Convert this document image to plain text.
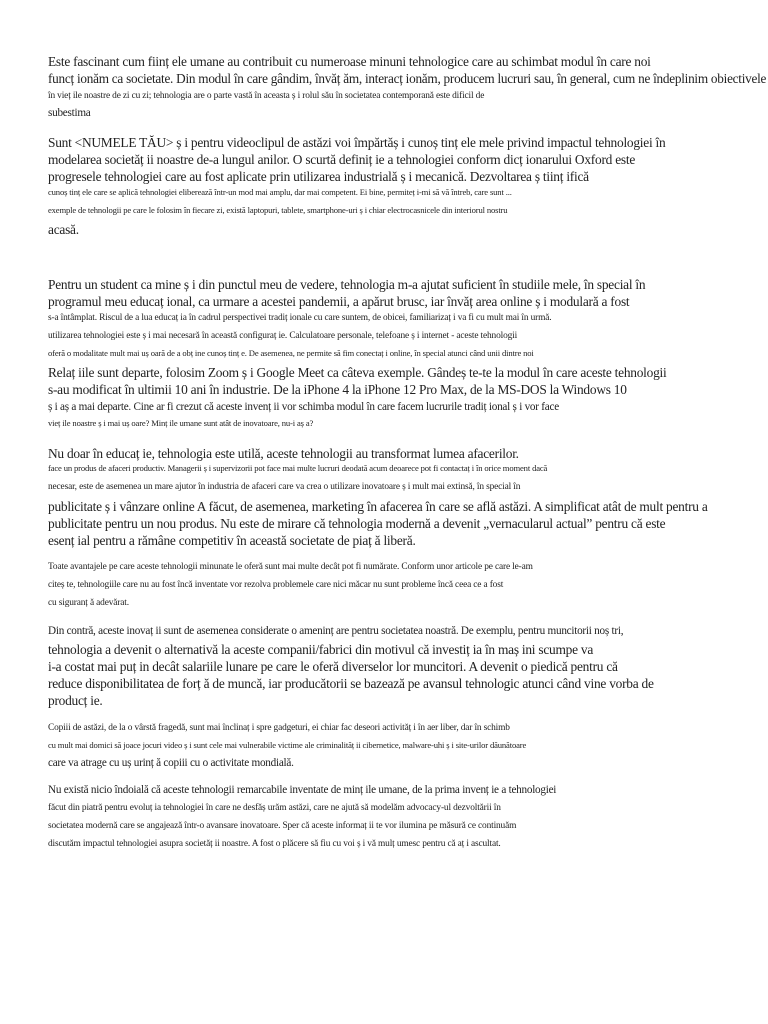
Este fascinant cum ființ ele umane au contribuit cu numeroase minuni tehnologice care au schimbat modul în care noi

funcț ionăm ca societate. Din modul în care gândim, învăț ăm, interacț ionăm, producem lucruri sau, în general, cum ne îndeplinim obiectivele

în vieț ile noastre de zi cu zi; tehnologia are o parte vastă în aceasta ș i rolul său în societatea contemporană este dificil de

subestima

Sunt <NUMELE TĂU> ș i pentru videoclipul de astăzi voi împărtăș i cunoș tinț ele mele privind impactul tehnologiei în

modelarea societăț ii noastre de-a lungul anilor. O scurtă definiț ie a tehnologiei conform dicț ionarului Oxford este

progresele tehnologiei care au fost aplicate prin utilizarea industrială ș i mecanică. Dezvoltarea ș tiinț ifică

cunoș tinț ele care se aplică tehnologiei eliberează într-un mod mai amplu, dar mai competent. Ei bine, permiteț i-mi să vă întreb, care sunt ...

exemple de tehnologii pe care le folosim în fiecare zi, există laptopuri, tablete, smartphone-uri ș i chiar electrocasnicele din interiorul nostru

acasă.

Pentru un student ca mine ș i din punctul meu de vedere, tehnologia m-a ajutat suficient în studiile mele, în special în

programul meu educaț ional, ca urmare a acestei pandemii, a apărut brusc, iar învăț area online ș i modulară a fost

s-a întâmplat. Riscul de a lua educaț ia în cadrul perspectivei tradiț ionale cu care suntem, de obicei, familiarizaț i va fi cu mult mai în urmă.

utilizarea tehnologiei este ș i mai necesară în această configuraț ie. Calculatoare personale, telefoane ș i internet - aceste tehnologii

oferă o modalitate mult mai uș oară de a obț ine cunoș tinț e. De asemenea, ne permite să fim conectaț i online, în special atunci când unii dintre noi

Relaț iile sunt departe, folosim Zoom ș i Google Meet ca câteva exemple. Gândeș te-te la modul în care aceste tehnologii

s-au modificat în ultimii 10 ani în industrie. De la iPhone 4 la iPhone 12 Pro Max, de la MS-DOS la Windows 10

ș i aș a mai departe. Cine ar fi crezut că aceste invenț ii vor schimba modul în care facem lucrurile tradiț ional ș i vor face

vieț ile noastre ș i mai uș oare? Minț ile umane sunt atât de inovatoare, nu-i aș a?

Nu doar în educaț ie, tehnologia este utilă, aceste tehnologii au transformat lumea afacerilor.

face un produs de afaceri productiv. Managerii ș i supervizorii pot face mai multe lucruri deodată acum deoarece pot fi contactaț i în orice moment dacă

necesar, este de asemenea un mare ajutor în industria de afaceri care va crea o utilizare inovatoare ș i mult mai extinsă, în special în

publicitate ș i vânzare online A făcut, de asemenea, marketing în afacerea în care se află astăzi. A simplificat atât de mult pentru a

publicitate pentru un nou produs. Nu este de mirare că tehnologia modernă a devenit „vernacularul actual” pentru că este

esenț ial pentru a rămâne competitiv în această societate de piaț ă liberă.

Toate avantajele pe care aceste tehnologii minunate le oferă sunt mai multe decât pot fi numărate. Conform unor articole pe care le-am

citeș te, tehnologiile care nu au fost încă inventate vor rezolva problemele care nici măcar nu sunt probleme încă ceea ce a fost

cu siguranț ă adevărat.

Din contră, aceste inovaț ii sunt de asemenea considerate o ameninț are pentru societatea noastră. De exemplu, pentru muncitorii noș tri,

tehnologia a devenit o alternativă la aceste companii/fabrici din motivul că investiț ia în maș ini scumpe va

i-a costat mai puț in decât salariile lunare pe care le oferă diverselor lor muncitori. A devenit o piedică pentru că

reduce disponibilitatea de forț ă de muncă, iar producătorii se bazează pe avansul tehnologic atunci când vine vorba de

producț ie.

Copiii de astăzi, de la o vârstă fragedă, sunt mai înclinaț i spre gadgeturi, ei chiar fac deseori activităț i în aer liber, dar în schimb

cu mult mai domici să joace jocuri video ș i sunt cele mai vulnerabile victime ale criminalităț ii cibernetice, malware-uhi ș i site-urilor dăunătoare

care va atrage cu uș urinț ă copiii cu o activitate mondială.

Nu există nicio îndoială că aceste tehnologii remarcabile inventate de minț ile umane, de la prima invenț ie a tehnologiei

făcut din piatră pentru evoluț ia tehnologiei în care ne desfăș urăm astăzi, care ne ajută să modelăm advocacy-ul dezvoltării în

societatea modernă care se angajează într-o avansare inovatoare. Sper că aceste informaț ii te vor ilumina pe măsură ce continuăm

discutăm impactul tehnologiei asupra societăț ii noastre. A fost o plăcere să fiu cu voi ș i vă mulț umesc pentru că aț i ascultat.
